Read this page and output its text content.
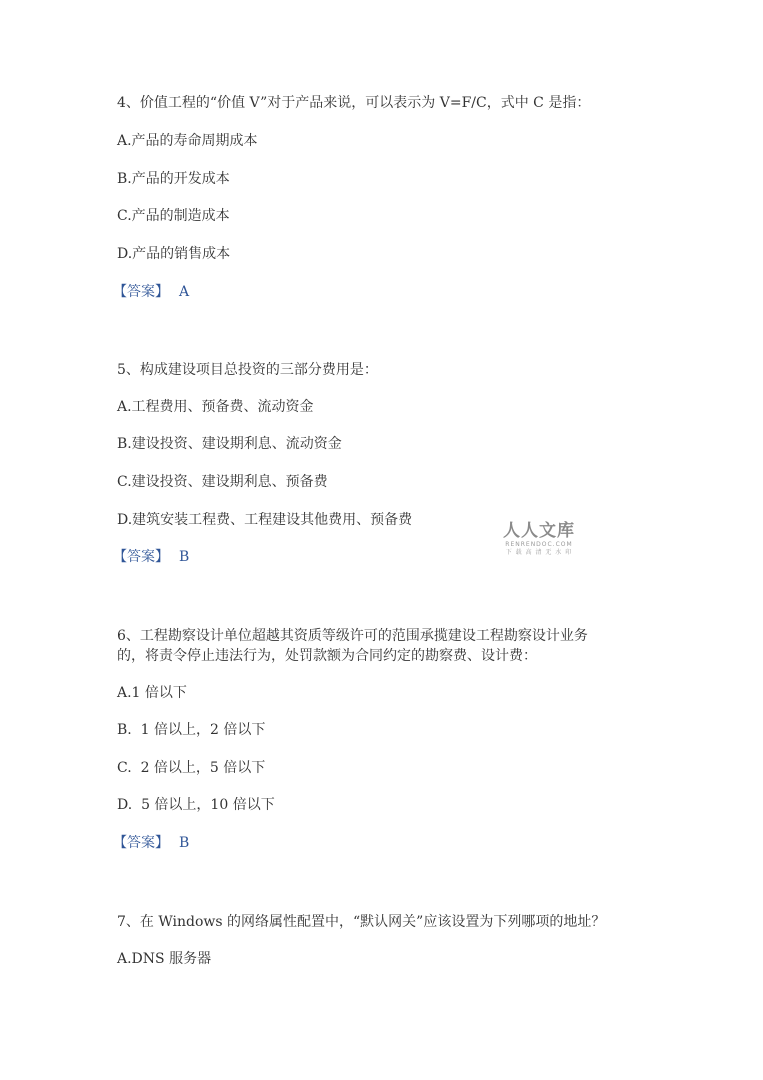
4、价值工程的“价值 V”对于产品来说，可以表示为 V=F/C，式中 C 是指：
A.产品的寿命周期成本
B.产品的开发成本
C.产品的制造成本
D.产品的销售成本
【答案】 A
5、构成建设项目总投资的三部分费用是：
A.工程费用、预备费、流动资金
B.建设投资、建设期利息、流动资金
C.建设投资、建设期利息、预备费
D.建筑安装工程费、工程建设其他费用、预备费
【答案】 B
6、工程勘察设计单位超越其资质等级许可的范围承揽建设工程勘察设计业务
的，将责令停止违法行为，处罚款额为合同约定的勘察费、设计费：
A.1 倍以下
B.  1 倍以上，2 倍以下
C.  2 倍以上，5 倍以下
D.  5 倍以上，10 倍以下
【答案】 B
7、在 Windows 的网络属性配置中，“默认网关”应该设置为下列哪项的地址？
A.DNS 服务器
人人文库
RENRENDOC.COM
下 载 高 清 无 水 印
